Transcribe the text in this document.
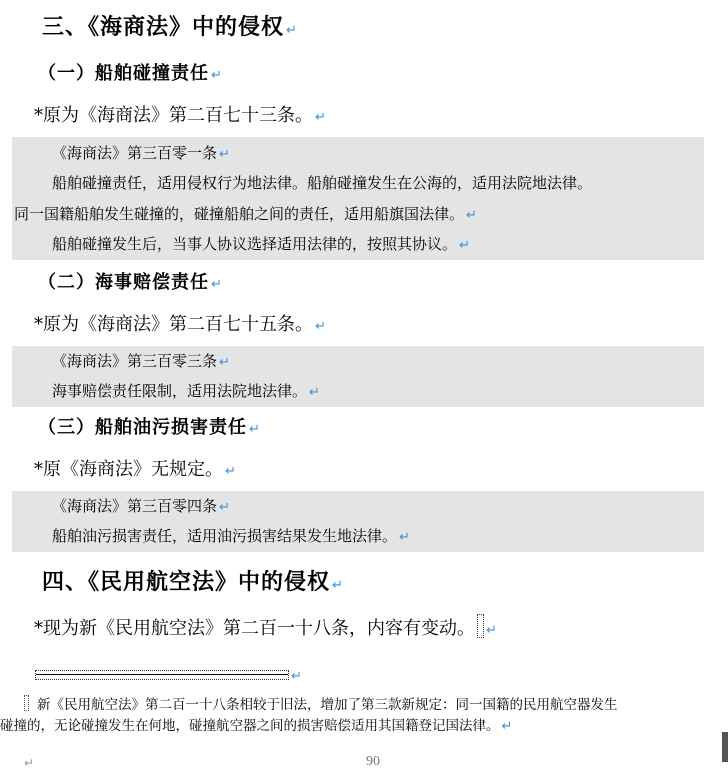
三、《海商法》中的侵权 ↵
（一）船舶碰撞责任 ↵
*原为《海商法》第二百七十三条。 ↵
《海商法》第三百零一条 ↵
船舶碰撞责任，适用侵权行为地法律。船舶碰撞发生在公海的，适用法院地法律。
同一国籍船舶发生碰撞的，碰撞船舶之间的责任，适用船旗国法律。 ↵
船舶碰撞发生后，当事人协议选择适用法律的，按照其协议。 ↵
（二）海事赔偿责任 ↵
*原为《海商法》第二百七十五条。 ↵
《海商法》第三百零三条 ↵
海事赔偿责任限制，适用法院地法律。 ↵
（三）船舶油污损害责任 ↵
*原《海商法》无规定。 ↵
《海商法》第三百零四条 ↵
船舶油污损害责任，适用油污损害结果发生地法律。 ↵
四、《民用航空法》中的侵权 ↵
*现为新《民用航空法》第二百一十八条，内容有变动。 ↵
↵
新《民用航空法》第二百一十八条相较于旧法，增加了第三款新规定：同一国籍的民用航空器发生
碰撞的，无论碰撞发生在何地，碰撞航空器之间的损害赔偿适用其国籍登记国法律。 ↵
↵	90
